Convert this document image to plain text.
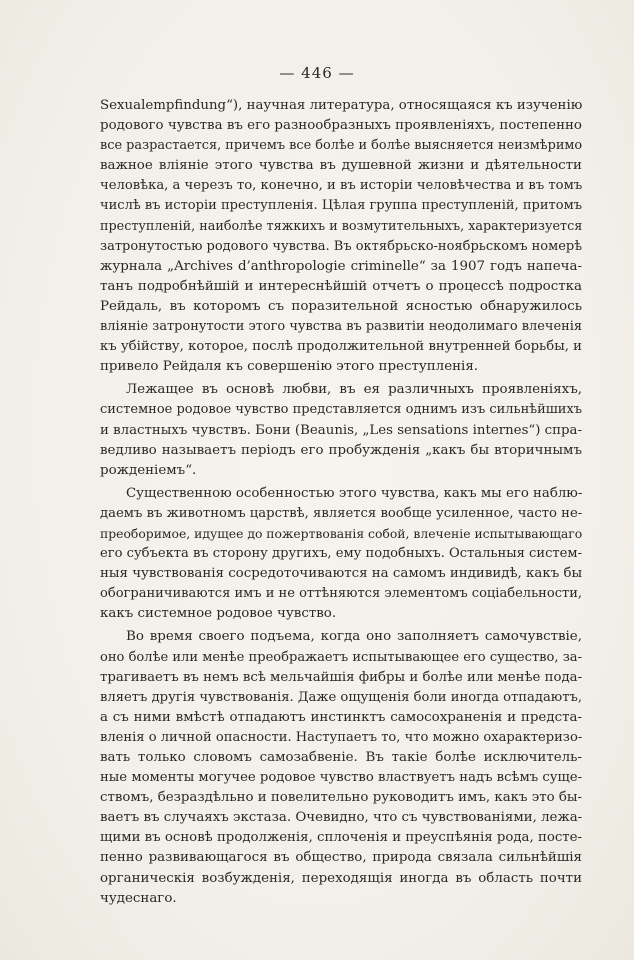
— 446 —
Sexualempfindung“), научная литература, относящаяся къ изученію
родового чувства въ его разнообразныхъ проявленіяхъ, постепенно
все разрастается, причемъ все болѣе и болѣе выясняется неизмѣримо
важное вліяніе этого чувства въ душевной жизни и дѣятельности
человѣка, а черезъ то, конечно, и въ исторіи человѣчества и въ томъ
числѣ въ исторіи преступленія. Цѣлая группа преступленій, притомъ
преступленій, наиболѣе тяжкихъ и возмутительныхъ, характеризуется
затронутостью родового чувства. Въ октябрьско-ноябрьскомъ номерѣ
журнала „Archives d’anthropologie criminelle“ за 1907 годъ напеча-
танъ подробнѣйшій и интереснѣйшій отчетъ о процессѣ подростка
Рейдаль, въ которомъ съ поразительной ясностью обнаружилось
вліяніе затронутости этого чувства въ развитіи неодолимаго влеченія
къ убійству, которое, послѣ продолжительной внутренней борьбы, и
привело Рейдаля къ совершенію этого преступленія.
Лежащее въ основѣ любви, въ ея различныхъ проявленіяхъ,
системное родовое чувство представляется однимъ изъ сильнѣйшихъ
и властныхъ чувствъ. Бони (Beaunis, „Les sensations internes“) спра-
ведливо называетъ періодъ его пробужденія „какъ бы вторичнымъ
рожденіемъ“.
Существенною особенностью этого чувства, какъ мы его наблю-
даемъ въ животномъ царствѣ, является вообще усиленное, часто не-
преоборимое, идущее до пожертвованія собой, влеченіе испытывающаго
его субъекта въ сторону другихъ, ему подобныхъ. Остальныя систем-
ныя чувствованія сосредоточиваются на самомъ индивидѣ, какъ бы
обограничиваются имъ и не оттѣняются элементомъ соціабельности,
какъ системное родовое чувство.
Во время своего подъема, когда оно заполняетъ самочувствіе,
оно болѣе или менѣе преображаетъ испытывающее его существо, за-
трагиваетъ въ немъ всѣ мельчайшія фибры и болѣе или менѣе пода-
вляетъ другія чувствованія. Даже ощущенія боли иногда отпадаютъ,
а съ ними вмѣстѣ отпадаютъ инстинктъ самосохраненія и предста-
вленія о личной опасности. Наступаетъ то, что можно охарактеризо-
вать только словомъ самозабвеніе. Въ такіе болѣе исключитель-
ные моменты могучее родовое чувство властвуетъ надъ всѣмъ суще-
ствомъ, безраздѣльно и повелительно руководитъ имъ, какъ это бы-
ваетъ въ случаяхъ экстаза. Очевидно, что съ чувствованіями, лежа-
щими въ основѣ продолженія, сплоченія и преуспѣянія рода, посте-
пенно развивающагося въ общество, природа связала сильнѣйшія
органическія возбужденія, переходящія иногда въ область почти
чудеснаго.
